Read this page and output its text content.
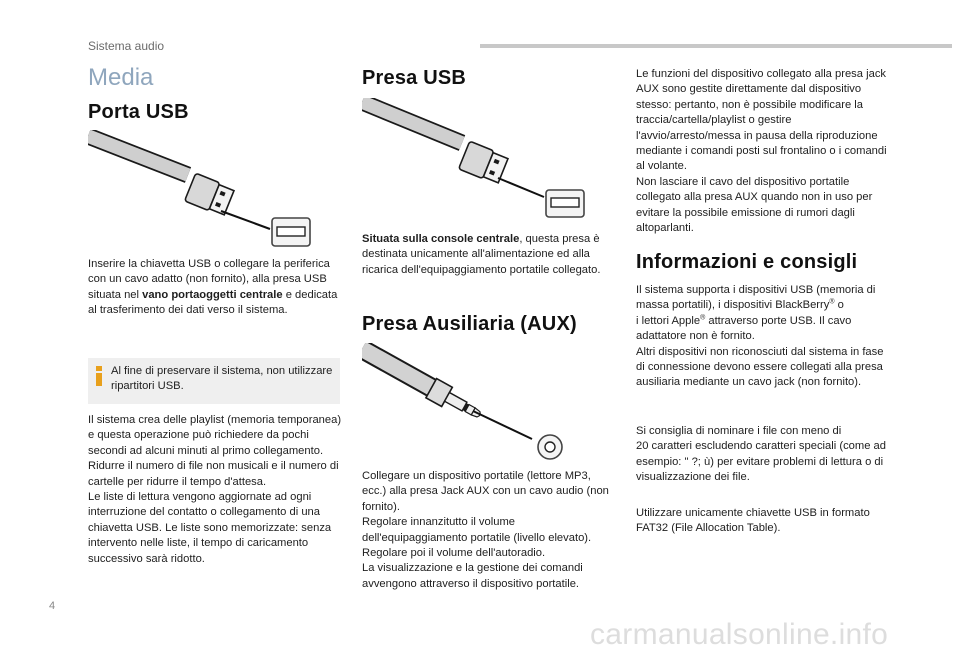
Sistema audio
Media
Porta USB

Inserire la chiavetta USB o collegare la periferica con un cavo adatto (non fornito), alla presa USB situata nel vano portaoggetti centrale e dedicata al trasferimento dei dati verso il sistema.

Al fine di preservare il sistema, non utilizzare ripartitori USB.

Il sistema crea delle playlist (memoria temporanea) e questa operazione può richiedere da pochi secondi ad alcuni minuti al primo collegamento.
Ridurre il numero di file non musicali e il numero di cartelle per ridurre il tempo d'attesa.
Le liste di lettura vengono aggiornate ad ogni interruzione del contatto o collegamento di una chiavetta USB. Le liste sono memorizzate: senza intervento nelle liste, il tempo di caricamento successivo sarà ridotto.

Presa USB

Situata sulla console centrale, questa presa è destinata unicamente all'alimentazione ed alla ricarica dell'equipaggiamento portatile collegato.

Presa Ausiliaria (AUX)

Collegare un dispositivo portatile (lettore MP3, ecc.) alla presa Jack AUX con un cavo audio (non fornito).
Regolare innanzitutto il volume dell'equipaggiamento portatile (livello elevato).
Regolare poi il volume dell'autoradio.
La visualizzazione e la gestione dei comandi avvengono attraverso il dispositivo portatile.

Le funzioni del dispositivo collegato alla presa jack AUX sono gestite direttamente dal dispositivo stesso: pertanto, non è possibile modificare la traccia/cartella/playlist o gestire l'avvio/arresto/messa in pausa della riproduzione mediante i comandi posti sul frontalino o i comandi al volante.
Non lasciare il cavo del dispositivo portatile collegato alla presa AUX quando non in uso per evitare la possibile emissione di rumori dagli altoparlanti.

Informazioni e consigli

Il sistema supporta i dispositivi USB (memoria di massa portatili), i dispositivi BlackBerry® o
i lettori Apple® attraverso porte USB. Il cavo adattatore non è fornito.
Altri dispositivi non riconosciuti dal sistema in fase di connessione devono essere collegati alla presa ausiliaria mediante un cavo jack (non fornito).

Si consiglia di nominare i file con meno di
20 caratteri escludendo caratteri speciali (come ad esempio: " ?; ù) per evitare problemi di lettura o di visualizzazione dei file.

Utilizzare unicamente chiavette USB in formato FAT32 (File Allocation Table).

4
carmanualsonline.info
